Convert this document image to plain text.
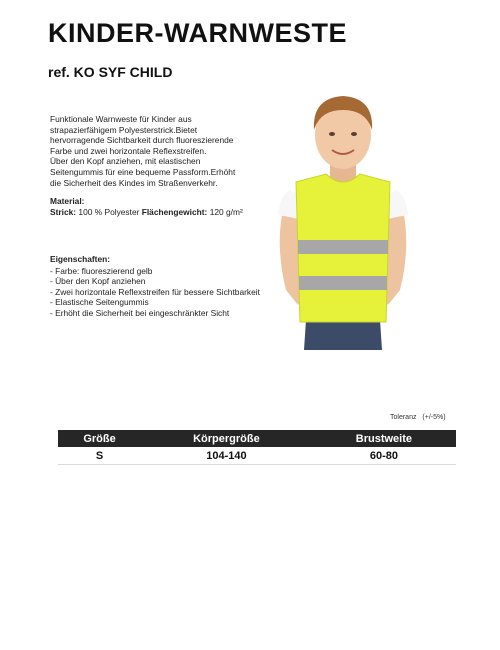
KINDER-WARNWESTE
ref. KO SYF CHILD

Funktionale Warnweste für Kinder aus

strapazierfähigem Polyesterstrick.Bietet

hervorragende Sichtbarkeit durch fluoreszierende

Farbe und zwei horizontale Reflexstreifen.

Über den Kopf anziehen, mit elastischen

Seitengummis für eine bequeme Passform.Erhöht

die Sicherheit des Kindes im Straßenverkehr.

Material:
Strick: 100 % Polyester Flächengewicht: 120 g/m²
Eigenschaften:
- Farbe: fluoreszierend gelb
- Über den Kopf anziehen
- Zwei horizontale Reflexstreifen für bessere Sichtbarkeit
- Elastische Seitengummis
- Erhöht die Sicherheit bei eingeschränkter Sicht
Toleranz (+/-5%)
Größe	Körpergröße	Brustweite
S	104-140	60-80
